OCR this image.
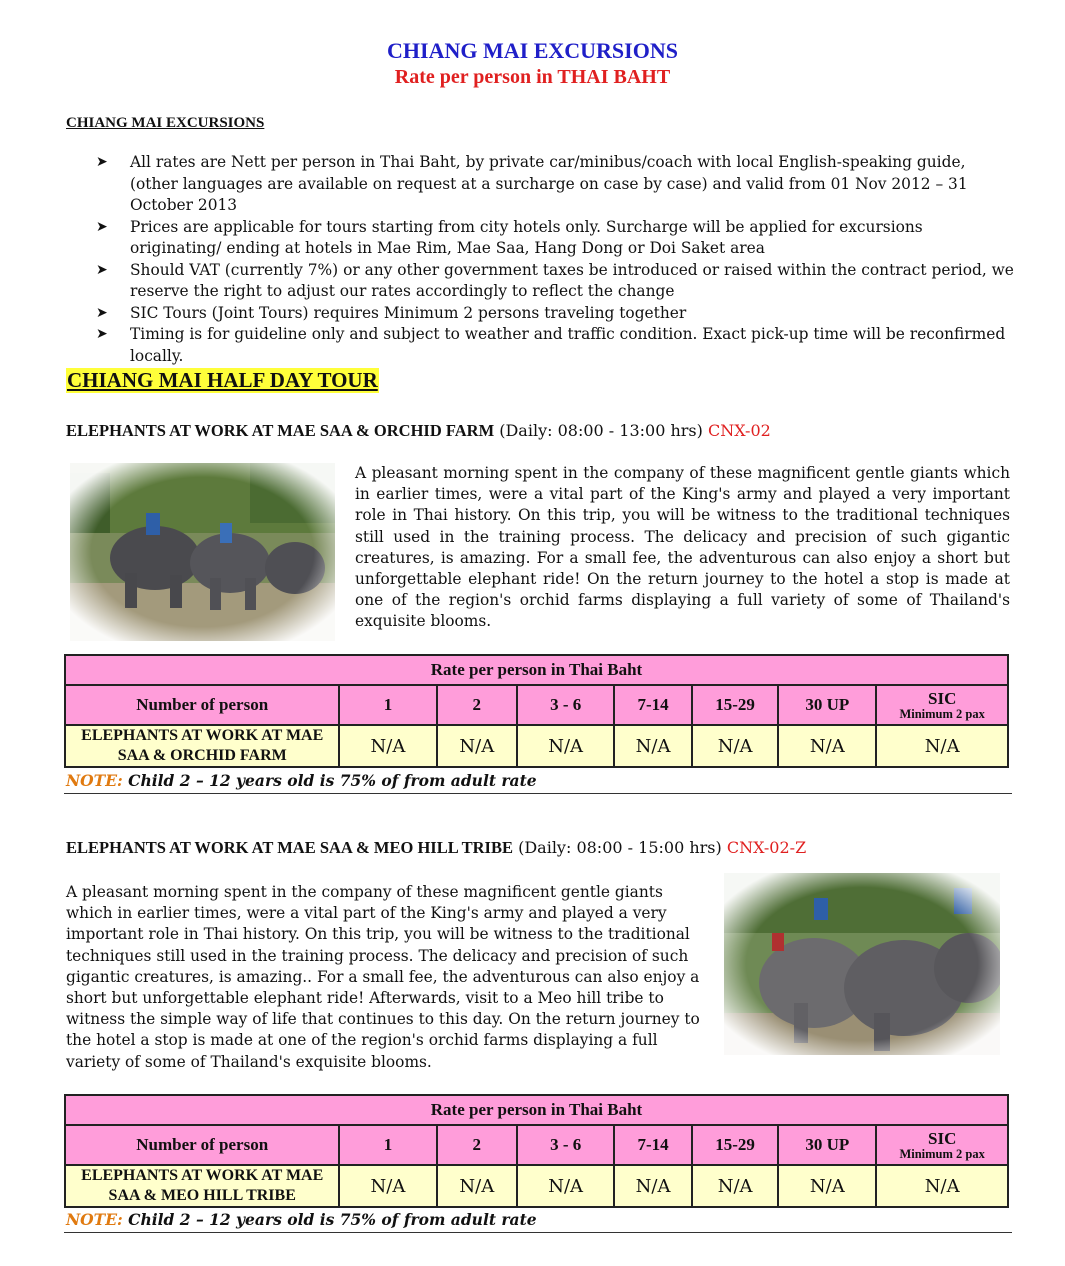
CHIANG MAI EXCURSIONS
Rate per person in THAI BAHT
CHIANG MAI EXCURSIONS
➤ All rates are Nett per person in Thai Baht, by private car/minibus/coach with local English-speaking guide, (other languages are available on request at a surcharge on case by case) and valid from 01 Nov 2012 – 31 October 2013
➤ Prices are applicable for tours starting from city hotels only. Surcharge will be applied for excursions originating/ ending at hotels in Mae Rim, Mae Saa, Hang Dong or Doi Saket area
➤ Should VAT (currently 7%) or any other government taxes be introduced or raised within the contract period, we reserve the right to adjust our rates accordingly to reflect the change
➤ SIC Tours (Joint Tours) requires Minimum 2 persons traveling together
➤ Timing is for guideline only and subject to weather and traffic condition. Exact pick-up time will be reconfirmed locally.
CHIANG MAI HALF DAY TOUR
ELEPHANTS AT WORK AT MAE SAA & ORCHID FARM (Daily: 08:00 - 13:00 hrs) CNX-02
A pleasant morning spent in the company of these magnificent gentle giants which in earlier times, were a vital part of the King's army and played a very important role in Thai history. On this trip, you will be witness to the traditional techniques still used in the training process. The delicacy and precision of such gigantic creatures, is amazing. For a small fee, the adventurous can also enjoy a short but unforgettable elephant ride! On the return journey to the hotel a stop is made at one of the region's orchid farms displaying a full variety of some of Thailand's exquisite blooms.
Rate per person in Thai Baht							
Number of person	1	2	3 - 6	7-14	15-29	30 UP	SIC
Minimum 2 pax

ELEPHANTS AT WORK AT MAE SAA & ORCHID FARM	N/A	N/A	N/A	N/A	N/A	N/A	N/A
NOTE: Child 2 – 12 years old is 75% of from adult rate
ELEPHANTS AT WORK AT MAE SAA & MEO HILL TRIBE (Daily: 08:00 - 15:00 hrs) CNX-02-Z
A pleasant morning spent in the company of these magnificent gentle giants which in earlier times, were a vital part of the King's army and played a very important role in Thai history. On this trip, you will be witness to the traditional techniques still used in the training process. The delicacy and precision of such gigantic creatures, is amazing.. For a small fee, the adventurous can also enjoy a short but unforgettable elephant ride! Afterwards, visit to a Meo hill tribe to witness the simple way of life that continues to this day. On the return journey to the hotel a stop is made at one of the region's orchid farms displaying a full variety of some of Thailand's exquisite blooms.
Rate per person in Thai Baht							
Number of person	1	2	3 - 6	7-14	15-29	30 UP	SIC
Minimum 2 pax

ELEPHANTS AT WORK AT MAE SAA & MEO HILL TRIBE	N/A	N/A	N/A	N/A	N/A	N/A	N/A
NOTE: Child 2 – 12 years old is 75% of from adult rate
